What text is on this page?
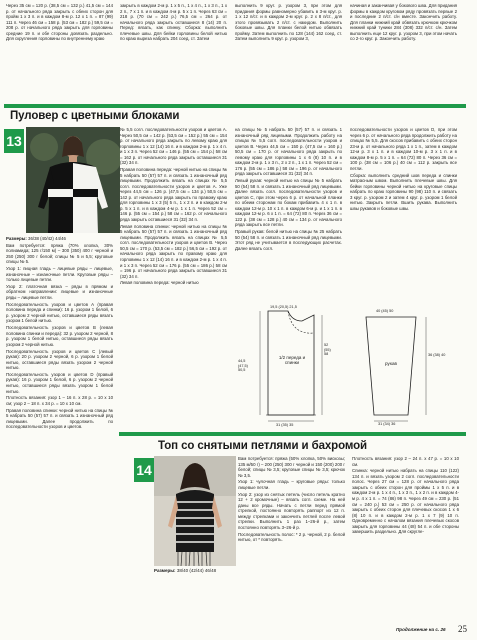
Через 35 см = 120 р. (38,5 см = 132 р.) 41,5 см = 144 р. от начального ряда закрыть с обеих сторон для пройм 1 х 3 п. и в каждом 8-м р. 12 х 1 п. = 87 (99) 111 п. Через 46 см = 158 р. (53 см = 182 р.) 59,5 см = 208 р. от начального ряда закрыть для горловины средние 19 п. и обе стороны довязать раздельно. Для скругления горловины по внутреннему краю
закрыть в каждом 2-м р. 1 х 5 п., 1 х 4 п., 1 х 3 п., 1 х 2 п., 7 х 1 п. и в каждом 4-м р. 5 х 1 п. Через 63 см = 218 р. (70 см = 242 р.) 76,5 см = 264 р. от начального ряда закрыть оставшиеся 8 (14) 20 п. Перед: вязать, как спинку. Сборка: выполнить плечевые швы. Для бейки горловины белой нитью по краю выреза набрать 204 соед. ст. Затем
выполнить 9 круг. р. узором 3, при этом для придания формы равномерно убавить в 3-м круг. р. 1 х 12 п/ст. и в каждом 2-м круг. р. 2 х 8 п/ст., для этого провязывать 2 п/ст. с накидом. Выполнить боковые швы. Для планки белой нитью обвязать пройму. Затем выполнить по 128 (144) 162 соед. ст. Затем выполнить 9 круг. р. узором 3,
начиная и заканчивая у бокового шва. Для придания формы в каждом круговом ряду провязать первые 2 и последние 2 п/ст. с/н вместе. Закончить работу. Для планки нижний край обвязать крючком крючком нижний край туники 284 (308) 332 п/ст. с/н. Затем выполнить еще 12 круг. р. узором 3, при этом начать со 2-го круг. р. Закончить работу.
Пуловер с цветными блоками
13

Размеры: 36/38 (40/42) 44/46

Вам потребуется: пряжа (70% хлопка, 30% полиамида; 125 г/150 м) – 300 (350) 400 г черной и 250 (250) 300 г белой; спицы № 5 и 5,5; круговые спицы № 5.

Узор 1: пицная гладь – лицевые ряды – лицевые, изнаночные – изнаночные петли. Круговые ряды – только лицевые петли.

Узор 2: платочная вязка – ряды в прямом и обратном направлении: лицевые и изнаночные ряды – лицевые петли.

Последовательность узоров и цветов А (правая половина переда и спинки): 16 р. узором 1 белой, 6 р. узором 2 черной нитью, оставшиеся ряды вязать узором 1 белой нитью.

Последовательность узоров и цветов В (левая половина спинки и переда): 32 р. узором 2 черной, 8 р. узором 1 белой нитью, оставшиеся ряды вязать узором 2 черной нитью.

Последовательность узоров и цветов С (левый рукав): 20 р. узором 2 черной, 6 р. узором 1 белой нитью, оставшиеся ряды вязать узором 2 черной нитью.

Последовательность узоров и цветов D (правый рукав): 16 р. узором 1 белой, 6 р. узором 2 черной нитью, оставшиеся ряды вязать узором 1 белой нитью.

Плотность вязания: узор 1 – 16 п. х 28 р. = 10 х 10 см; узор 2 – 18 п. х 34 р. = 10 х 10 см.

Правая половина спинки: черной нитью на спицы № 5 набрать 50 (57) 57 п. и связать 1 изнаночный ряд лицевыми. Далее продолжить по последовательности узоров и цветов.

№ 5,5 согл. последовательности узоров и цветов А. Через 50,5 см = 142 р. (53,5 см = 152 р.) 55 см = 154 р. от начального ряда закрыть по левому краю для горловины 1 х 12 (14) 16 п. и в каждом 2-м р. 1 х 4 п. и 1 х 3 п. Через 52 см = 146 р. (55 см = 154 р.) 58 см = 162 р. от начального ряда закрыть оставшиеся 31 (32) 34 п.

Правая половина переда: черной нитью на спицы № 5 набрать 50 (57) 57 п. и связать 1 изнаночный ряд лицевыми. Продолжить вязать на спицах № 5,5 согл. последовательности узоров и цветов А. Уже через 44,5 см = 126 р. (47,5 см = 134 р.) 50,5 см = 142 р. от начального ряда закрыть по правому краю для горловины 1 х 3 (5) 5 п., 1 х 2 п. и в каждом 2-м р. 5 х 1 п. и в каждом 4-м р. 1 х 1 п. Через 52 см = 146 р. (55 см = 154 р.) 58 см = 162 р. от начального ряда закрыть оставшиеся 31 (32) 34 п.

Левая половина спинки: черной нитью на спицы № 5 набрать 50 (57) 57 п. и связать 1 изнаночный ряд лицевыми. Продолжить вязать на спицах № 5,5 согл. последовательности узоров и цветов В. Через 50,5 см = 170 р. (53,5 см = 182 р.) 56,5 см = 192 р. от начального ряда закрыть по правому краю для горловины 1 х 12 (14) 16 п. и в каждом 2-м р. 1 х 4 п. и 1 х 3 п. Через 52 см = 176 р. (55 см = 186 р.) 58 см = 196 р. от начального ряда закрыть оставшиеся 31 (32) 34 п.

Левая половина переда: черной нитью

на спицы № 5 набрать 50 (57) 57 п. и связать 1 изнаночный ряд лицевыми. Продолжить работу на спицах № 5,5 согл. последовательности узоров и цветов В. Через 44,5 см = 150 р. (47,5 см = 160 р.) 50,5 см = 170 р. от начального ряда закрыть по левому краю для горловины 1 х 6 (8) 10 п. и в каждом 2-м р. 1 х 3 п., 2 х 2 п., 1 х 1 п. Через 52 см = 176 р. (55 см = 186 р.) 58 см = 196 р. от начального ряда закрыть оставшиеся 31 (32) 34 п.

Левый рукав: черной нитью на спицы № 5 набрать 50 (54) 58 п. и связать 1 изнаночный ряд лицевыми. Далее вязать согл. последовательности узоров и цветов С, при этом через 6 р. от начальной планки по обеим сторонам по бокам прибавить 4 х 1 п. в каждом 12-м р. 10 х 1 п. в каждом 6-м р. и 1 х 1 п. в каждом 12-м р. 6 х 1 п. = 64 (72) 80 п. Через 36 см = 122 р. (38 см = 128 р.) 40 см = 134 р. от начального ряда закрыть все петли.

Правый рукав: белой нитью на спицы № 25 набрать 50 (54) 58 п. и связать 1 изнаночный ряд лицевыми. Этот ряд не учитывается в последующих расчетах. Далее вязать согл.

последовательности узоров и цветов D, при этом через 6 р. от начального ряда продолжить работу на спицах № 5,5. Для скосов прибавить с обеих сторон 23-м р. от начального ряда 1 х 1 п., затем в каждом 12-м р. 3 х 1 п. и в каждом 10-м р. 3 х 1 п. и в каждом 8-м р. 5 х 1 п. = 64 (72) 80 п. Через 36 см = 100 р. (38 см = 106 р.) 40 см = 112 р. закрыть все петли.

Сборка: выполнить средний шов переда и спинки матрасным швом. Выполнить плечевые швы. Для бейки горловины черной нитью на круговые спицы набрать по краю горловины 90 (98) 110 п. и связать 3 круг. р. узором 2 и затем 4 круг. р. узором 1 белой нитью. Закрыть петли. Вшить рукава. Выполнить швы рукавов и боковые швы.

1/2 переда и спинки	рукав
19,5 (20,5) 21,5
44,5
(47,5)
50,5
52
(55)
58
31 (35) 35
36 (38) 40
40 (45) 50
31 (34) 36
Топ со снятыми петлями и бахромой
14
Размеры: 38/40 (42/44) 46/48

Вам потребуется: пряжа (50% хлопка, 50% вискозы; 135 м/50 г) – 200 (250) 300 г черной и 150 (200) 200 г белой; спицы № 3,5; круговые спицы № 3,5; крючок № 3,5.

Узор 1: чулочная гладь – круговые ряды: только лицевые петли.

Узор 2: узор из снятых петель (число петель кратно 12 + 2 кромочные) – вязать согл. схеме. На ней даны все ряды. Начать с петли перед прямой стрелкой, постоянно повторять раппорт из 12 п. между стрелками и закончить петлей после левой стрелки. Выполнить 1 раз 1–26-й р., затем постоянно повторять 3–26-й р.

Последовательность полос: * 2 р. черной, 2 р. белой нитью, от * повторять.

Плотность вязания: узор 2 – 24 п. х 47 р. = 10 х 10 см.

Спинка: черной нитью набрать на спицы 110 (122) 134 п. и вязать узором 2 согл. последовательности полос. Через 27 см = 128 р. от начального ряда закрыть с обеих сторон для проймы 1 х 5 п. и в каждом 2-м р. 1 х 4 п., 1 х 3 п., 1 х 2 п. и в каждом 4-м р. 4 х 1 п. = 74 (86) 98 п. Через 49 см = 230 р. (51 см = 240 р.) 53 см = 250 р. от начального ряда закрыть с обеих сторон для плечевых скосов 1 х 6 (8) 10 п. и в каждом 2-м р. 1 х 7 (9) 10 п. Одновременно с началом вязания плечевых скосов закрыть для горловины 44 (48) 54 п. и обе стороны завершить раздельно. Для скругле-

Продолжение на с. 26 25
